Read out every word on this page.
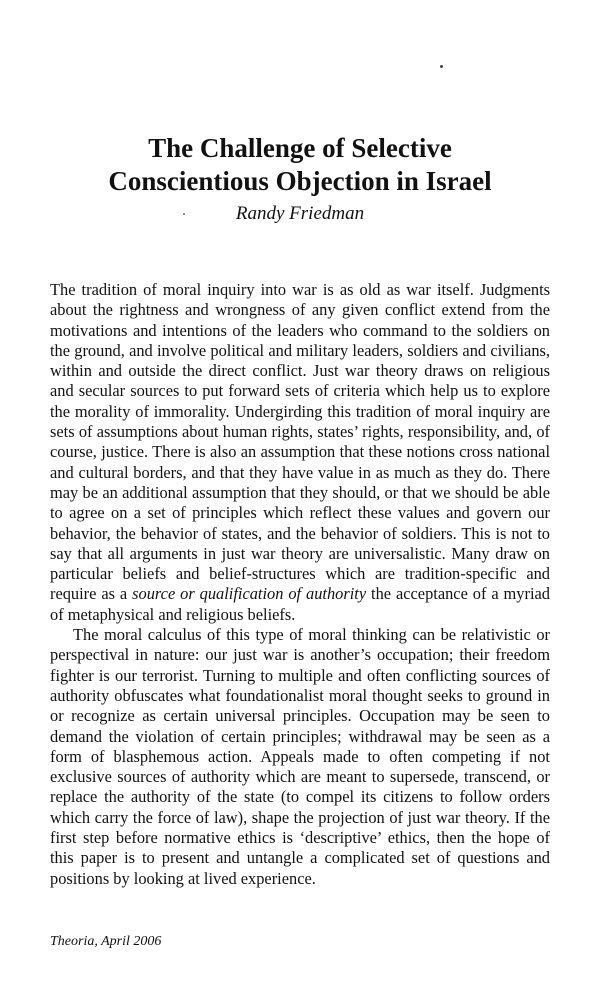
The Challenge of Selective
Conscientious Objection in Israel
Randy Friedman

The tradition of moral inquiry into war is as old as war itself. Judgments about the rightness and wrongness of any given conflict extend from the motivations and intentions of the leaders who command to the soldiers on the ground, and involve political and military leaders, soldiers and civilians, within and outside the direct conflict. Just war theory draws on religious and secular sources to put forward sets of criteria which help us to explore the morality of immorality. Undergirding this tradition of moral inquiry are sets of assumptions about human rights, states’ rights, responsibility, and, of course, justice. There is also an assumption that these notions cross national and cultural borders, and that they have value in as much as they do. There may be an additional assumption that they should, or that we should be able to agree on a set of principles which reflect these values and govern our behavior, the behavior of states, and the behavior of soldiers. This is not to say that all arguments in just war theory are universalistic. Many draw on particular beliefs and belief-structures which are tradition-specific and require as a source or qualification of authority the acceptance of a myriad of metaphysical and religious beliefs.

The moral calculus of this type of moral thinking can be relativistic or perspectival in nature: our just war is another’s occupation; their freedom fighter is our terrorist. Turning to multiple and often conflicting sources of authority obfuscates what foundationalist moral thought seeks to ground in or recognize as certain universal principles. Occupation may be seen to demand the violation of certain principles; withdrawal may be seen as a form of blasphemous action. Appeals made to often competing if not exclusive sources of authority which are meant to supersede, transcend, or replace the authority of the state (to compel its citizens to follow orders which carry the force of law), shape the projection of just war theory. If the first step before normative ethics is ‘descriptive’ ethics, then the hope of this paper is to present and untangle a complicated set of questions and positions by looking at lived experience.

Theoria, April 2006
